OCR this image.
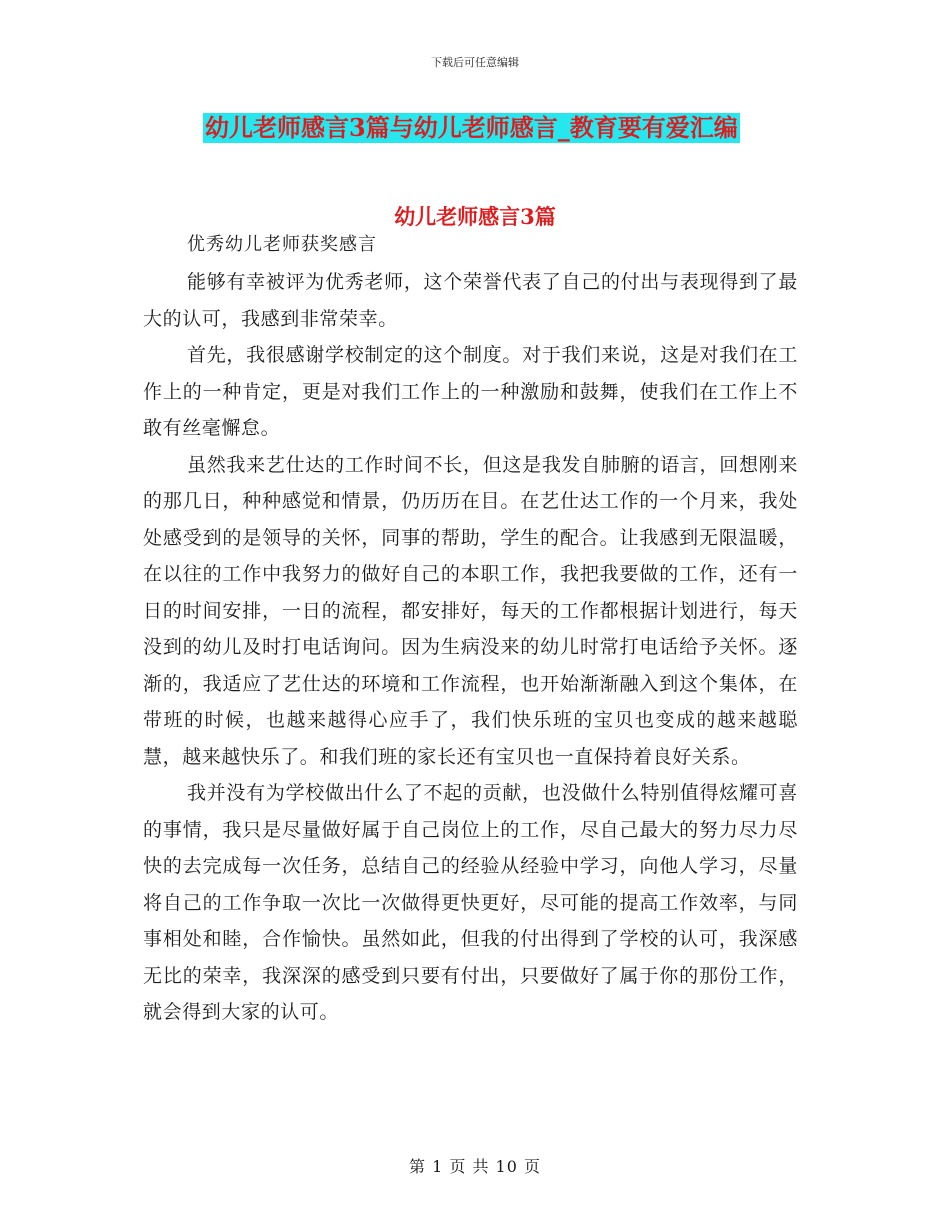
下载后可任意编辑
幼儿老师感言3篇与幼儿老师感言_教育要有爱汇编
幼儿老师感言3篇
优秀幼儿老师获奖感言

能够有幸被评为优秀老师，这个荣誉代表了自己的付出与表现得到了最大的认可，我感到非常荣幸。

首先，我很感谢学校制定的这个制度。对于我们来说，这是对我们在工作上的一种肯定，更是对我们工作上的一种激励和鼓舞，使我们在工作上不敢有丝毫懈怠。

虽然我来艺仕达的工作时间不长，但这是我发自肺腑的语言，回想刚来的那几日，种种感觉和情景，仍历历在目。在艺仕达工作的一个月来，我处处感受到的是领导的关怀，同事的帮助，学生的配合。让我感到无限温暖，在以往的工作中我努力的做好自己的本职工作，我把我要做的工作，还有一日的时间安排，一日的流程，都安排好，每天的工作都根据计划进行，每天没到的幼儿及时打电话询问。因为生病没来的幼儿时常打电话给予关怀。逐渐的，我适应了艺仕达的环境和工作流程，也开始渐渐融入到这个集体，在带班的时候，也越来越得心应手了，我们快乐班的宝贝也变成的越来越聪慧，越来越快乐了。和我们班的家长还有宝贝也一直保持着良好关系。

我并没有为学校做出什么了不起的贡献，也没做什么特别值得炫耀可喜的事情，我只是尽量做好属于自己岗位上的工作，尽自己最大的努力尽力尽快的去完成每一次任务，总结自己的经验从经验中学习，向他人学习，尽量将自己的工作争取一次比一次做得更快更好，尽可能的提高工作效率，与同事相处和睦，合作愉快。虽然如此，但我的付出得到了学校的认可，我深感无比的荣幸，我深深的感受到只要有付出，只要做好了属于你的那份工作，就会得到大家的认可。

第 1 页 共 10 页
